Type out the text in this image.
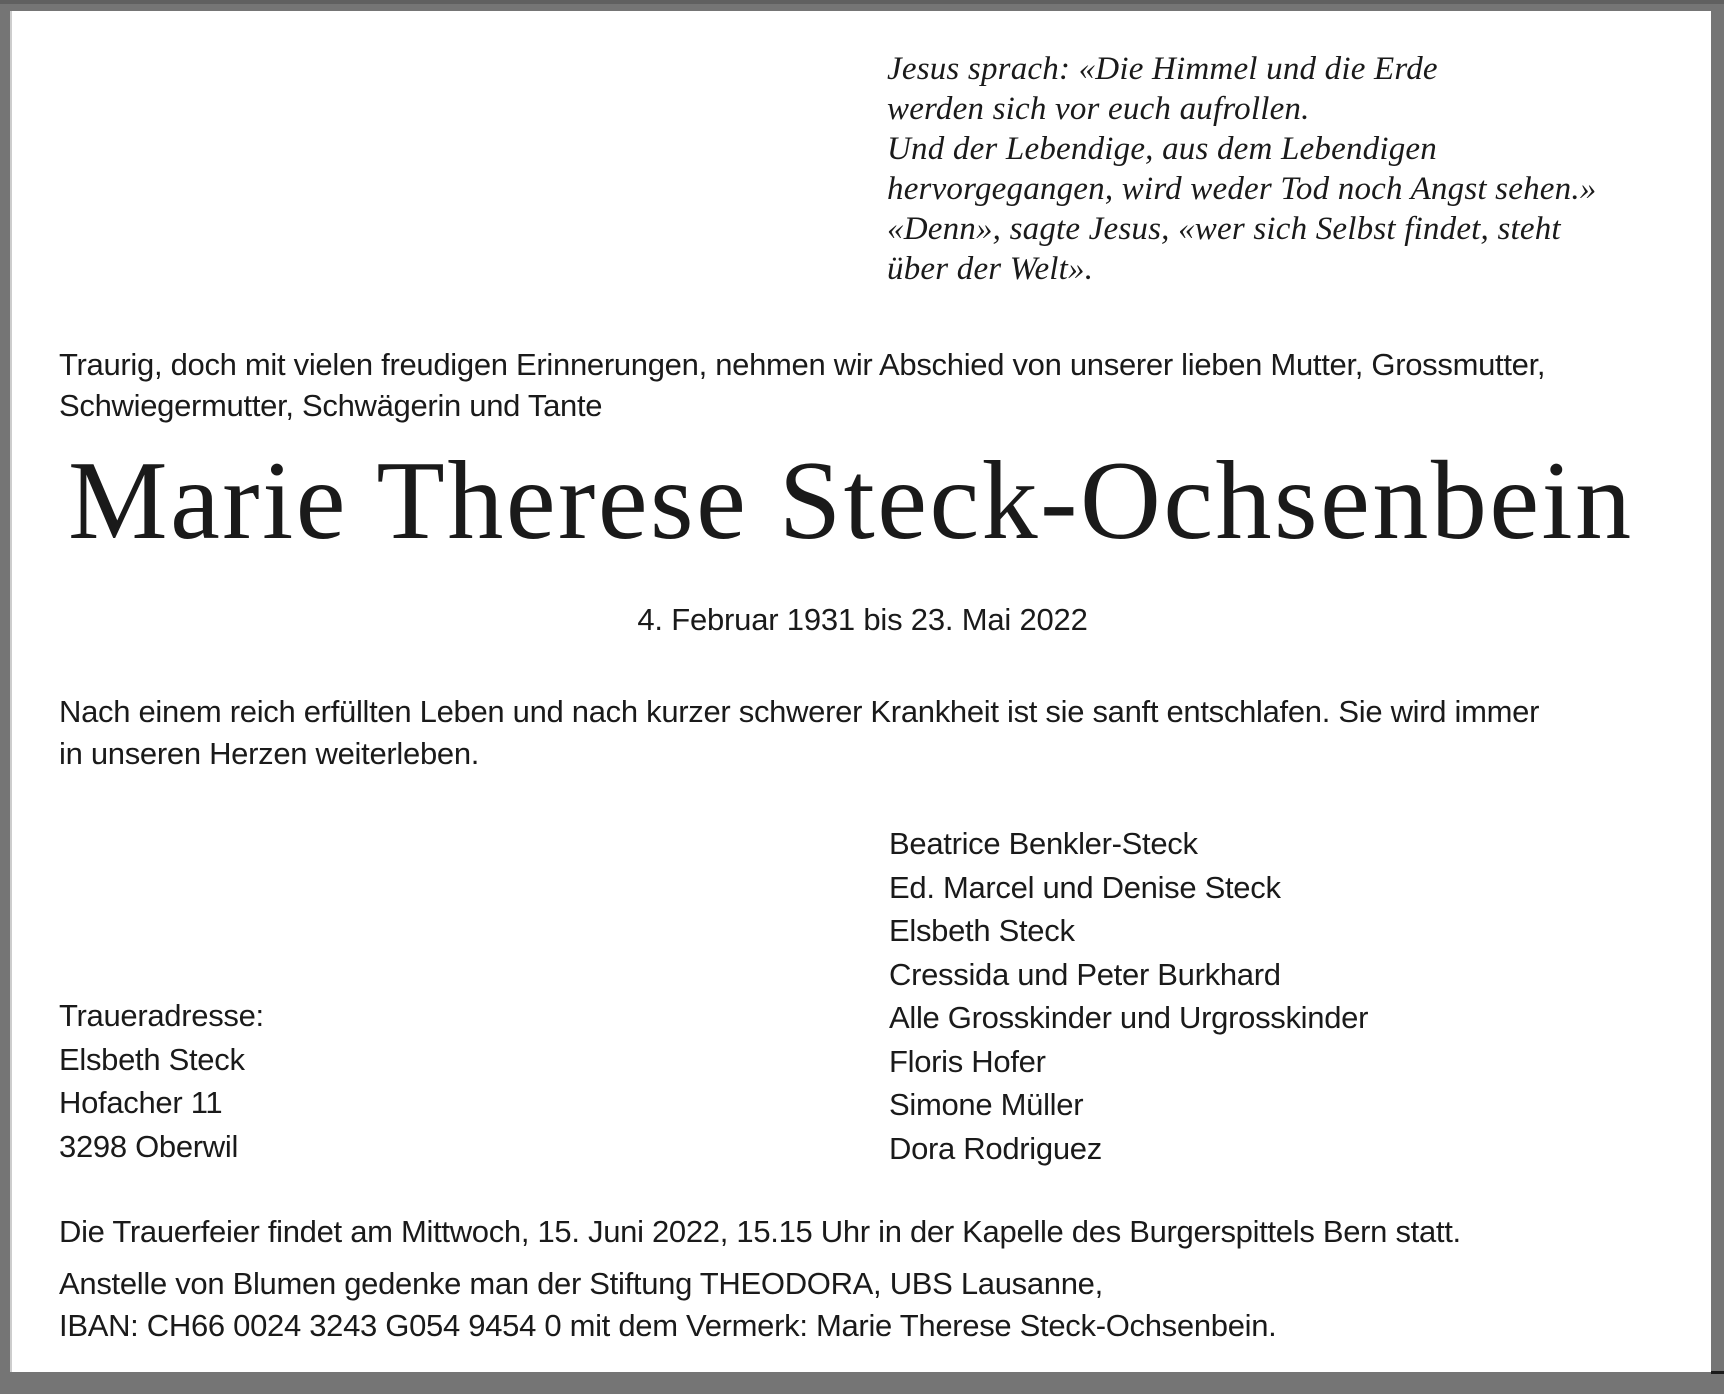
Jesus sprach: «Die Himmel und die Erde
werden sich vor euch aufrollen.
Und der Lebendige, aus dem Lebendigen
hervorgegangen, wird weder Tod noch Angst sehen.»
«Denn», sagte Jesus, «wer sich Selbst findet, steht
über der Welt».
Traurig, doch mit vielen freudigen Erinnerungen, nehmen wir Abschied von unserer lieben Mutter, Grossmutter,
Schwiegermutter, Schwägerin und Tante
Marie Therese Steck-Ochsenbein
4. Februar 1931 bis 23. Mai 2022
Nach einem reich erfüllten Leben und nach kurzer schwerer Krankheit ist sie sanft entschlafen. Sie wird immer
in unseren Herzen weiterleben.
Beatrice Benkler-Steck
Ed. Marcel und Denise Steck
Elsbeth Steck
Cressida und Peter Burkhard
Alle Grosskinder und Urgrosskinder
Floris Hofer
Simone Müller
Dora Rodriguez
Traueradresse:
Elsbeth Steck
Hofacher 11
3298 Oberwil
Die Trauerfeier findet am Mittwoch, 15. Juni 2022, 15.15 Uhr in der Kapelle des Burgerspittels Bern statt.
Anstelle von Blumen gedenke man der Stiftung THEODORA, UBS Lausanne,
IBAN: CH66 0024 3243 G054 9454 0 mit dem Vermerk: Marie Therese Steck-Ochsenbein.
